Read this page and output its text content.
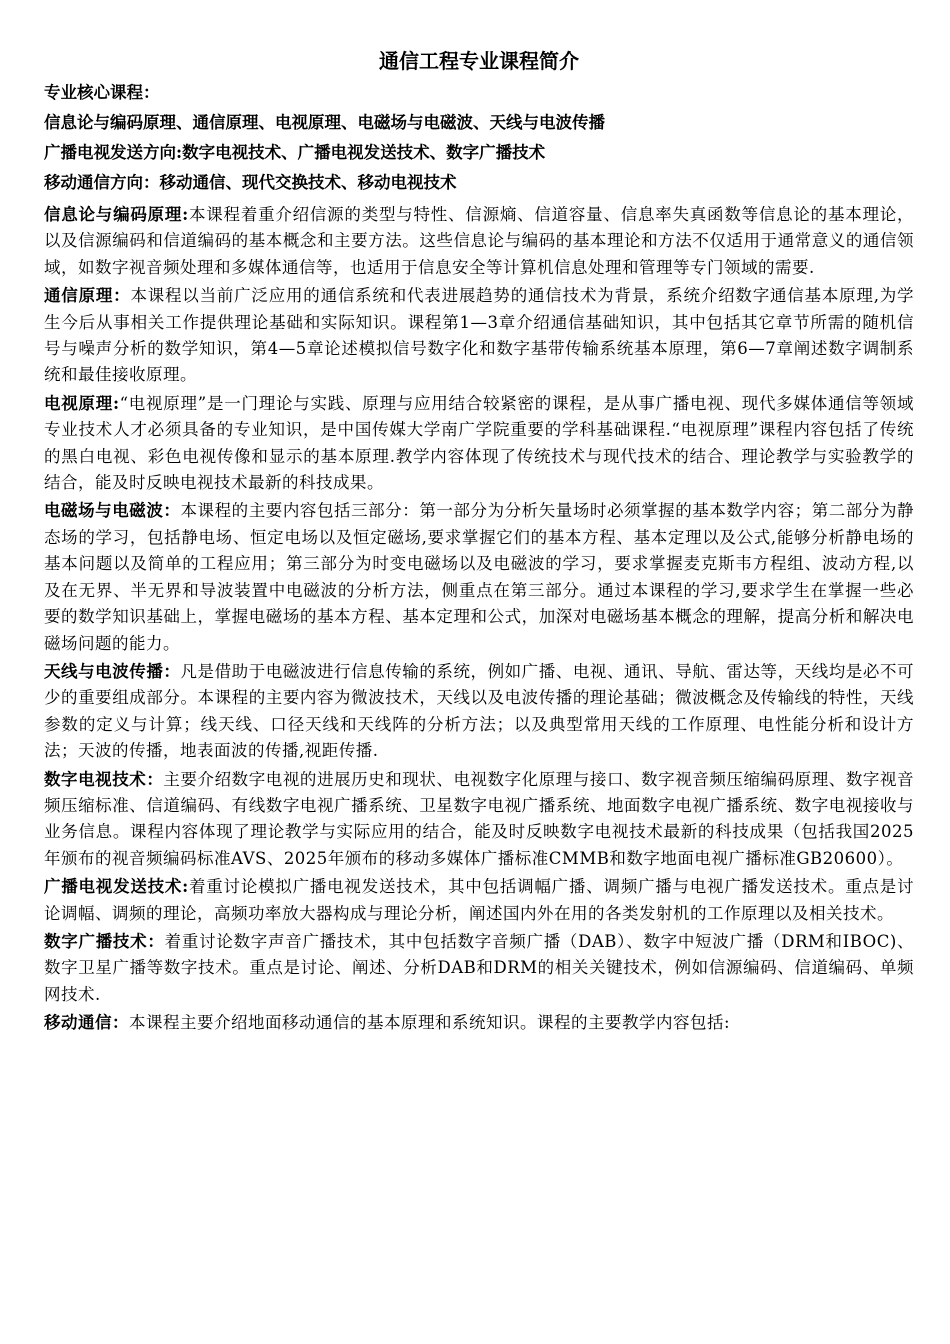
通信工程专业课程简介
专业核心课程：
信息论与编码原理、通信原理、电视原理、电磁场与电磁波、天线与电波传播
广播电视发送方向:数字电视技术、广播电视发送技术、数字广播技术
移动通信方向：移动通信、现代交换技术、移动电视技术

信息论与编码原理:本课程着重介绍信源的类型与特性、信源熵、信道容量、信息率失真函数等信息论的基本理论，以及信源编码和信道编码的基本概念和主要方法。这些信息论与编码的基本理论和方法不仅适用于通常意义的通信领域，如数字视音频处理和多媒体通信等，也适用于信息安全等计算机信息处理和管理等专门领域的需要.

通信原理：本课程以当前广泛应用的通信系统和代表进展趋势的通信技术为背景，系统介绍数字通信基本原理,为学生今后从事相关工作提供理论基础和实际知识。课程第1—3章介绍通信基础知识，其中包括其它章节所需的随机信号与噪声分析的数学知识，第4—5章论述模拟信号数字化和数字基带传输系统基本原理，第6—7章阐述数字调制系统和最佳接收原理。

电视原理:“电视原理”是一门理论与实践、原理与应用结合较紧密的课程，是从事广播电视、现代多媒体通信等领域专业技术人才必须具备的专业知识，是中国传媒大学南广学院重要的学科基础课程.“电视原理”课程内容包括了传统的黑白电视、彩色电视传像和显示的基本原理.教学内容体现了传统技术与现代技术的结合、理论教学与实验教学的结合，能及时反映电视技术最新的科技成果。

电磁场与电磁波：本课程的主要内容包括三部分：第一部分为分析矢量场时必须掌握的基本数学内容；第二部分为静态场的学习，包括静电场、恒定电场以及恒定磁场,要求掌握它们的基本方程、基本定理以及公式,能够分析静电场的基本问题以及简单的工程应用；第三部分为时变电磁场以及电磁波的学习，要求掌握麦克斯韦方程组、波动方程,以及在无界、半无界和导波装置中电磁波的分析方法，侧重点在第三部分。通过本课程的学习,要求学生在掌握一些必要的数学知识基础上，掌握电磁场的基本方程、基本定理和公式，加深对电磁场基本概念的理解，提高分析和解决电磁场问题的能力。

天线与电波传播：凡是借助于电磁波进行信息传输的系统，例如广播、电视、通讯、导航、雷达等，天线均是必不可少的重要组成部分。本课程的主要内容为微波技术，天线以及电波传播的理论基础；微波概念及传输线的特性，天线参数的定义与计算；线天线、口径天线和天线阵的分析方法；以及典型常用天线的工作原理、电性能分析和设计方法；天波的传播，地表面波的传播,视距传播.

数字电视技术：主要介绍数字电视的进展历史和现状、电视数字化原理与接口、数字视音频压缩编码原理、数字视音频压缩标准、信道编码、有线数字电视广播系统、卫星数字电视广播系统、地面数字电视广播系统、数字电视接收与业务信息。课程内容体现了理论教学与实际应用的结合，能及时反映数字电视技术最新的科技成果（包括我国2025年颁布的视音频编码标准AVS、2025年颁布的移动多媒体广播标准CMMB和数字地面电视广播标准GB20600）。

广播电视发送技术:着重讨论模拟广播电视发送技术，其中包括调幅广播、调频广播与电视广播发送技术。重点是讨论调幅、调频的理论，高频功率放大器构成与理论分析，阐述国内外在用的各类发射机的工作原理以及相关技术。

数字广播技术：着重讨论数字声音广播技术，其中包括数字音频广播（DAB）、数字中短波广播（DRM和IBOC)、数字卫星广播等数字技术。重点是讨论、阐述、分析DAB和DRM的相关关键技术，例如信源编码、信道编码、单频网技术.

移动通信：本课程主要介绍地面移动通信的基本原理和系统知识。课程的主要教学内容包括:
